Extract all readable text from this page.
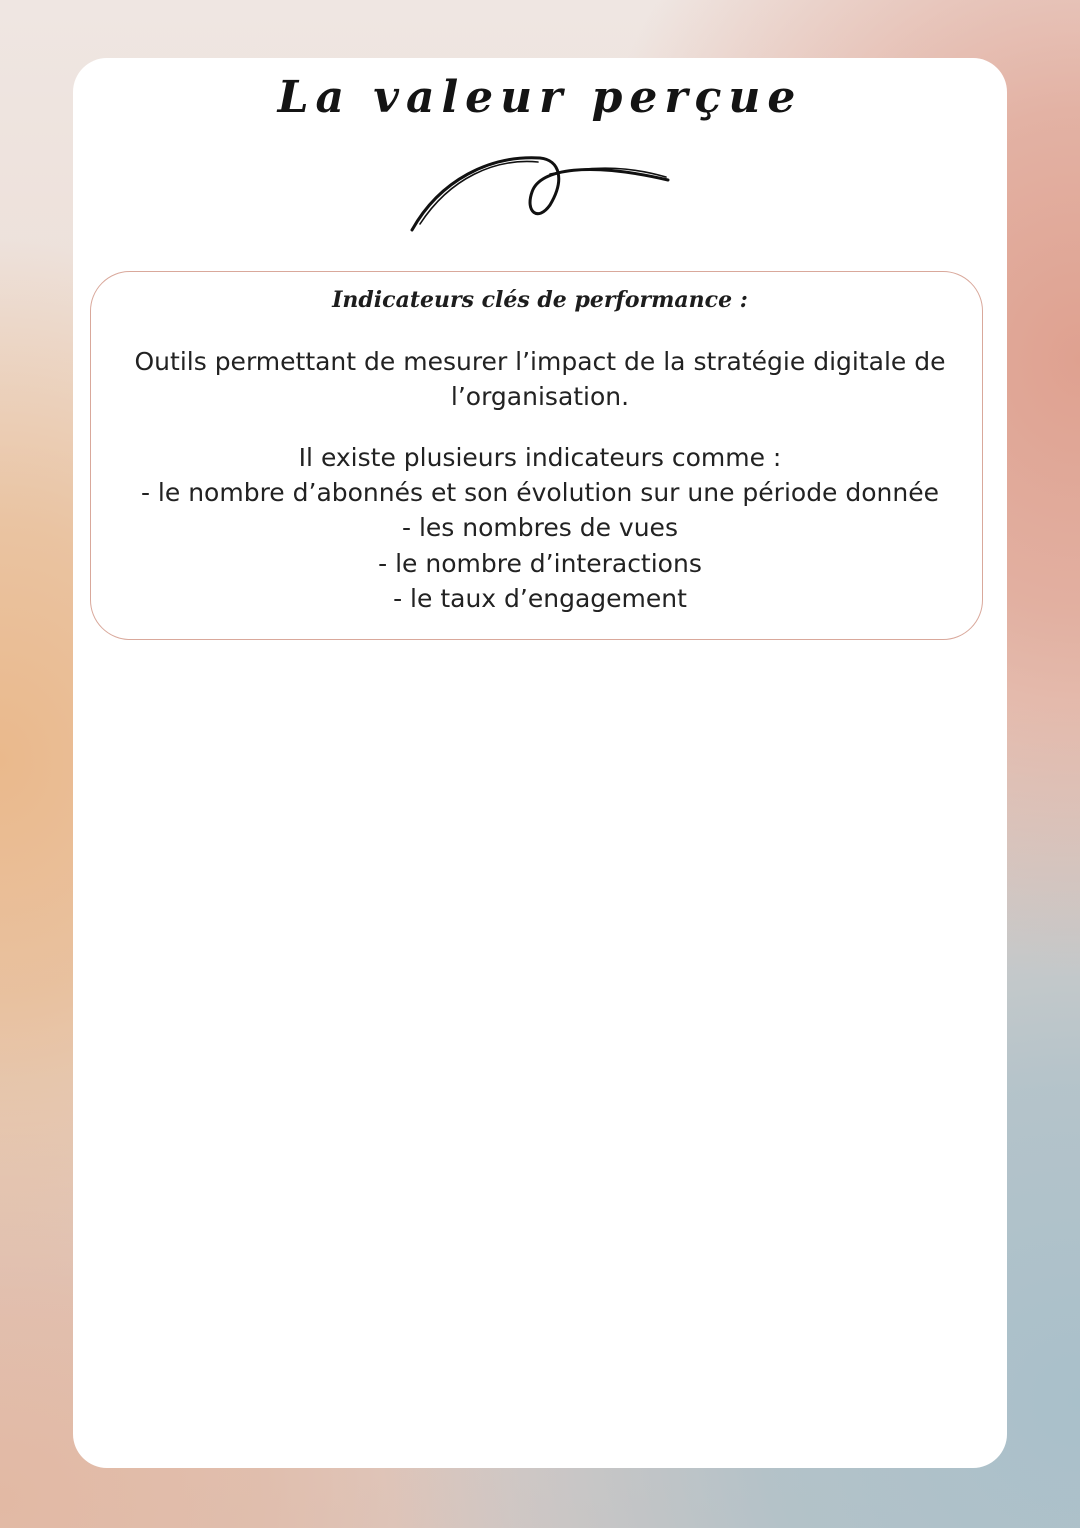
La valeur perçue
Indicateurs clés de performance :

Outils permettant de mesurer l’impact de la stratégie digitale de l’organisation.

Il existe plusieurs indicateurs comme :

- le nombre d’abonnés et son évolution sur une période donnée
- les nombres de vues
- le nombre d’interactions
- le taux d’engagement
